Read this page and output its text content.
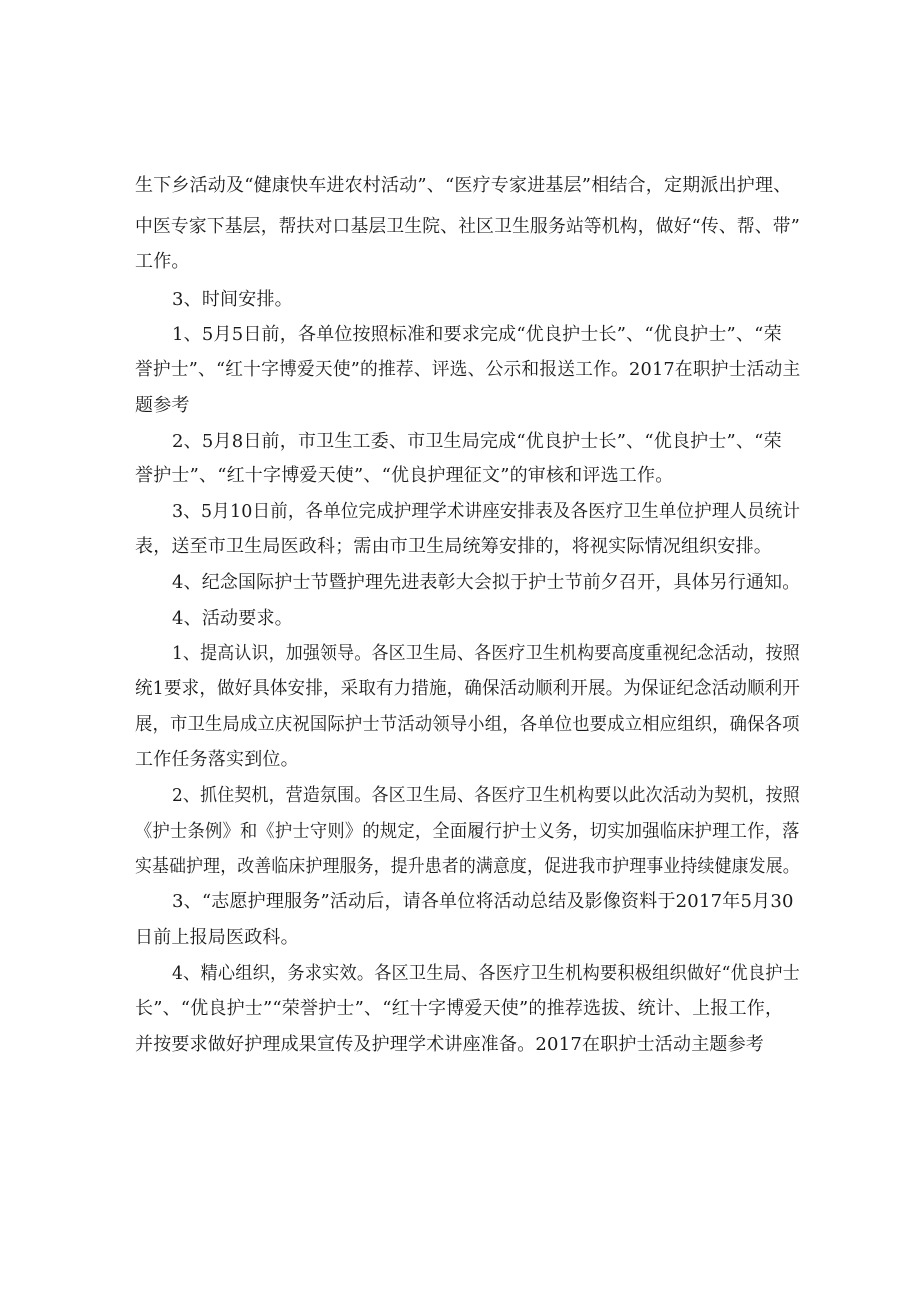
生下乡活动及“健康快车进农村活动”、“医疗专家进基层”相结合，定期派出护理、
中医专家下基层，帮扶对口基层卫生院、社区卫生服务站等机构，做好“传、帮、带”
工作。
3、时间安排。
1、5月5日前，各单位按照标准和要求完成“优良护士长”、“优良护士”、“荣
誉护士”、“红十字博爱天使”的推荐、评选、公示和报送工作。2017在职护士活动主
题参考
2、5月8日前，市卫生工委、市卫生局完成“优良护士长”、“优良护士”、“荣
誉护士”、“红十字博爱天使”、“优良护理征文”的审核和评选工作。
3、5月10日前，各单位完成护理学术讲座安排表及各医疗卫生单位护理人员统计
表，送至市卫生局医政科；需由市卫生局统筹安排的，将视实际情况组织安排。
4、纪念国际护士节暨护理先进表彰大会拟于护士节前夕召开，具体另行通知。
4、活动要求。
1、提高认识，加强领导。各区卫生局、各医疗卫生机构要高度重视纪念活动，按照
统1要求，做好具体安排，采取有力措施，确保活动顺利开展。为保证纪念活动顺利开
展，市卫生局成立庆祝国际护士节活动领导小组，各单位也要成立相应组织，确保各项
工作任务落实到位。
2、抓住契机，营造氛围。各区卫生局、各医疗卫生机构要以此次活动为契机，按照
《护士条例》和《护士守则》的规定，全面履行护士义务，切实加强临床护理工作，落
实基础护理，改善临床护理服务，提升患者的满意度，促进我市护理事业持续健康发展。
3、“志愿护理服务”活动后，请各单位将活动总结及影像资料于2017年5月30
日前上报局医政科。
4、精心组织，务求实效。各区卫生局、各医疗卫生机构要积极组织做好“优良护士
长”、“优良护士”“荣誉护士”、“红十字博爱天使”的推荐选拔、统计、上报工作，
并按要求做好护理成果宣传及护理学术讲座准备。2017在职护士活动主题参考
